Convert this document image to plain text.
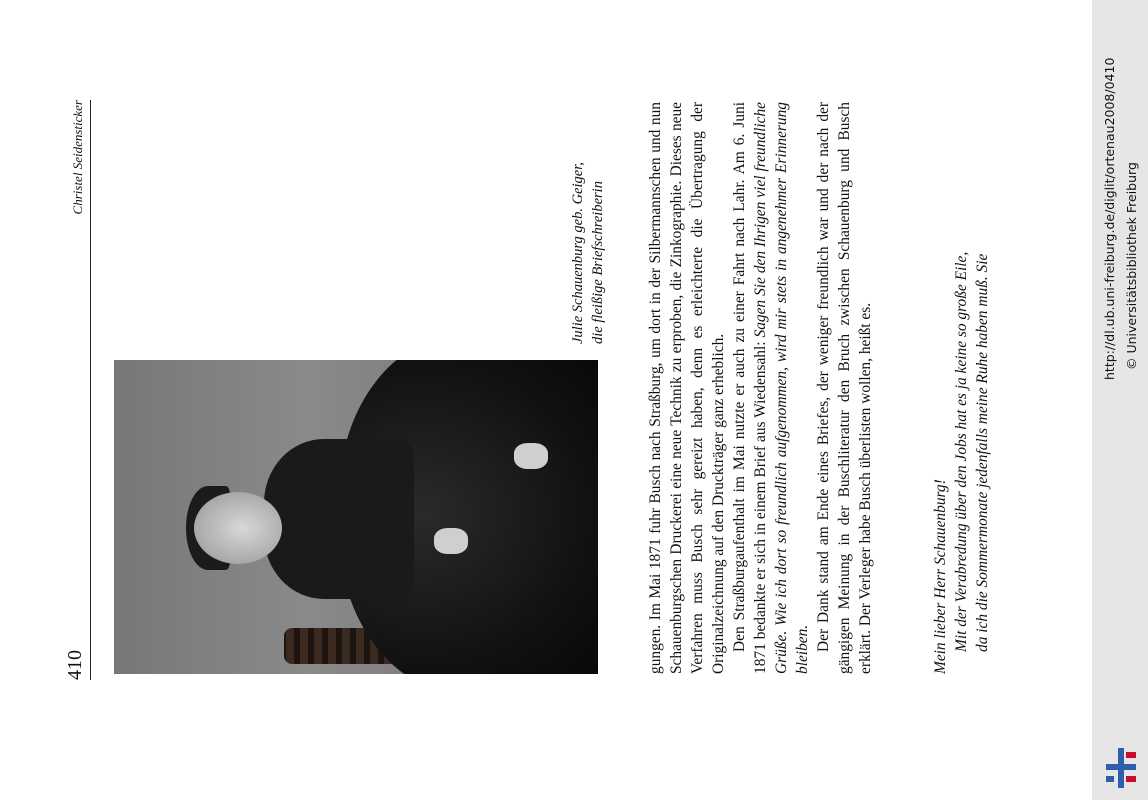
410
Christel Seidensticker
Julie Schauenburg geb. Geiger, die fleißige Briefschreiberin	gungen. Im Mai 1871 fuhr Busch nach Straßburg, um dort in der Silbermannschen und nun Schauenburgschen Druckerei eine neue Technik zu erproben, die Zinkographie. Dieses neue Verfahren muss Busch sehr gereizt haben, denn es erleichterte die Übertragung der Originalzeichnung auf den Druckträger ganz erheblich. Den Straßburgaufenthalt im Mai nutzte er auch zu einer Fahrt nach Lahr. Am 6. Juni 1871 bedankte er sich in einem Brief aus Wiedensahl: Sagen Sie den Ihrigen viel freundliche Grüße. Wie ich dort so freundlich aufgenommen, wird mir stets in angenehmer Erinnerung bleiben. Der Dank stand am Ende eines Briefes, der weniger freundlich war und der nach der gängigen Meinung in der Buschliteratur den Bruch zwischen Schauenburg und Busch erklärt. Der Verleger habe Busch überlisten wollen, heißt es.	Mein lieber Herr Schauenburg! Mit der Verabredung über den Jobs hat es ja keine so große Eile, da ich die Sommermonate jedenfalls meine Ruhe haben muß. Sie

http://dl.ub.uni-freiburg.de/diglit/ortenau2008/0410 © Universitätsbibliothek Freiburg
